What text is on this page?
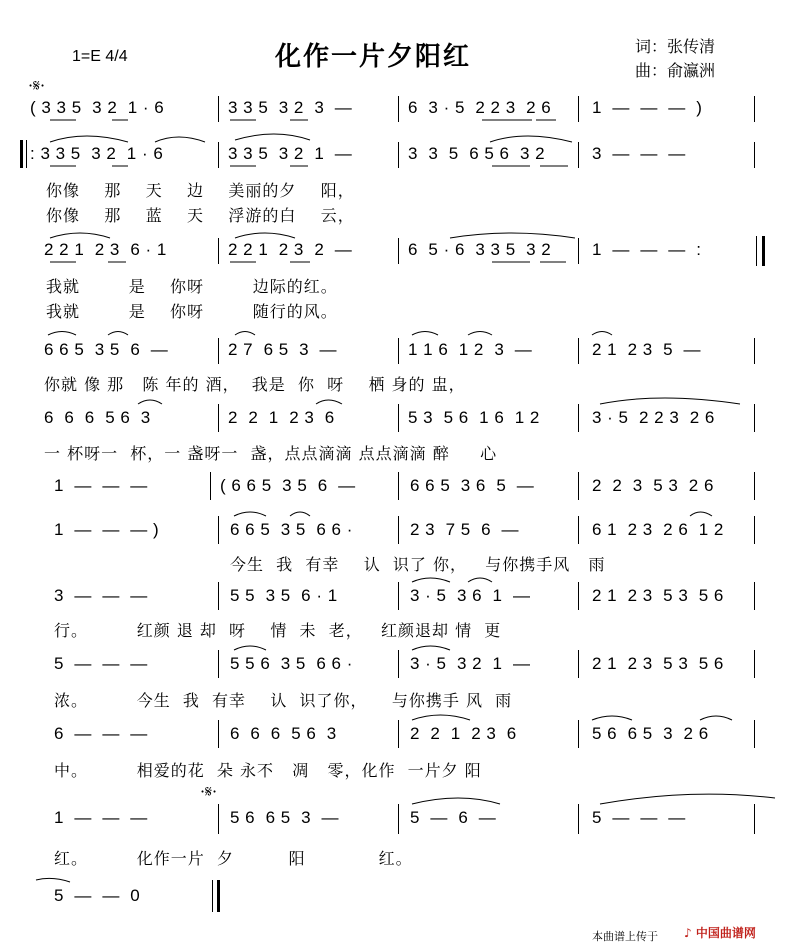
化作一片夕阳红
1=E 4/4
词：张传清
曲：俞瀛洲
·𝄋·
·𝄋·
( 3 3 5  3 2  1 · 6	3 3 5  3 2  3  —	6  3 · 5  2 2 3  2 6 1  —  —  —  )
: 3 3 5  3 2  1 · 6	3 3 5  3 2  1  —	3  3  5  6 5 6  3 2	3  —  —  —
你像    那    天    边    美丽的夕    阳，
你像    那    蓝    天    浮游的白    云，
2 2 1  2 3  6 · 1	2 2 1  2 3  2  —	6  5 · 6  3 3 5  3 2 1  —  —  —  :
我就        是    你呀        边际的红。
我就        是    你呀        随行的风。
6 6 5  3 5  6  —	2 7  6 5  3  —	1 1 6  1 2  3  —	2 1  2 3  5  —
你就 像 那   陈 年的 酒，  我是  你  呀    栖 身的 盅，
6  6  6  5 6  3	2  2  1  2 3  6	5 3  5 6  1 6  1 2	3 · 5  2 2 3  2 6
一 杯呀一  杯，一 盏呀一  盏，点点滴滴 点点滴滴 醉     心
1  —  —  —	( 6 6 5  3 5  6  —	6 6 5  3 6  5  —	2  2  3  5 3  2 6
1  —  —  — )	6 6 5  3 5  6 6 ·	2 3  7 5  6  —	6 1  2 3  2 6  1 2
今生  我  有幸    认  识了 你，   与你携手风   雨
3  —  —  —	5 5  3 5  6 · 1	3 · 5  3 6  1  —	2 1  2 3  5 3  5 6
行。        红颜 退 却  呀    情  未  老，   红颜退却 情  更
5  —  —  —	5 5 6  3 5  6 6 ·	3 · 5  3 2  1  —	2 1  2 3  5 3  5 6
浓。        今生  我  有幸    认  识了你，    与你携手 风  雨
6  —  —  —	6  6  6  5 6  3	2  2  1  2 3  6	5 6  6 5  3  2 6
中。        相爱的花  朵 永不   凋   零，化作  一片夕 阳
1  —  —  —	5 6  6 5  3  —	5  —  6  —	5  —  —  —
红。        化作一片  夕         阳            红。
5  —  —  0
本曲谱上传于 ♪ 中国曲谱网
